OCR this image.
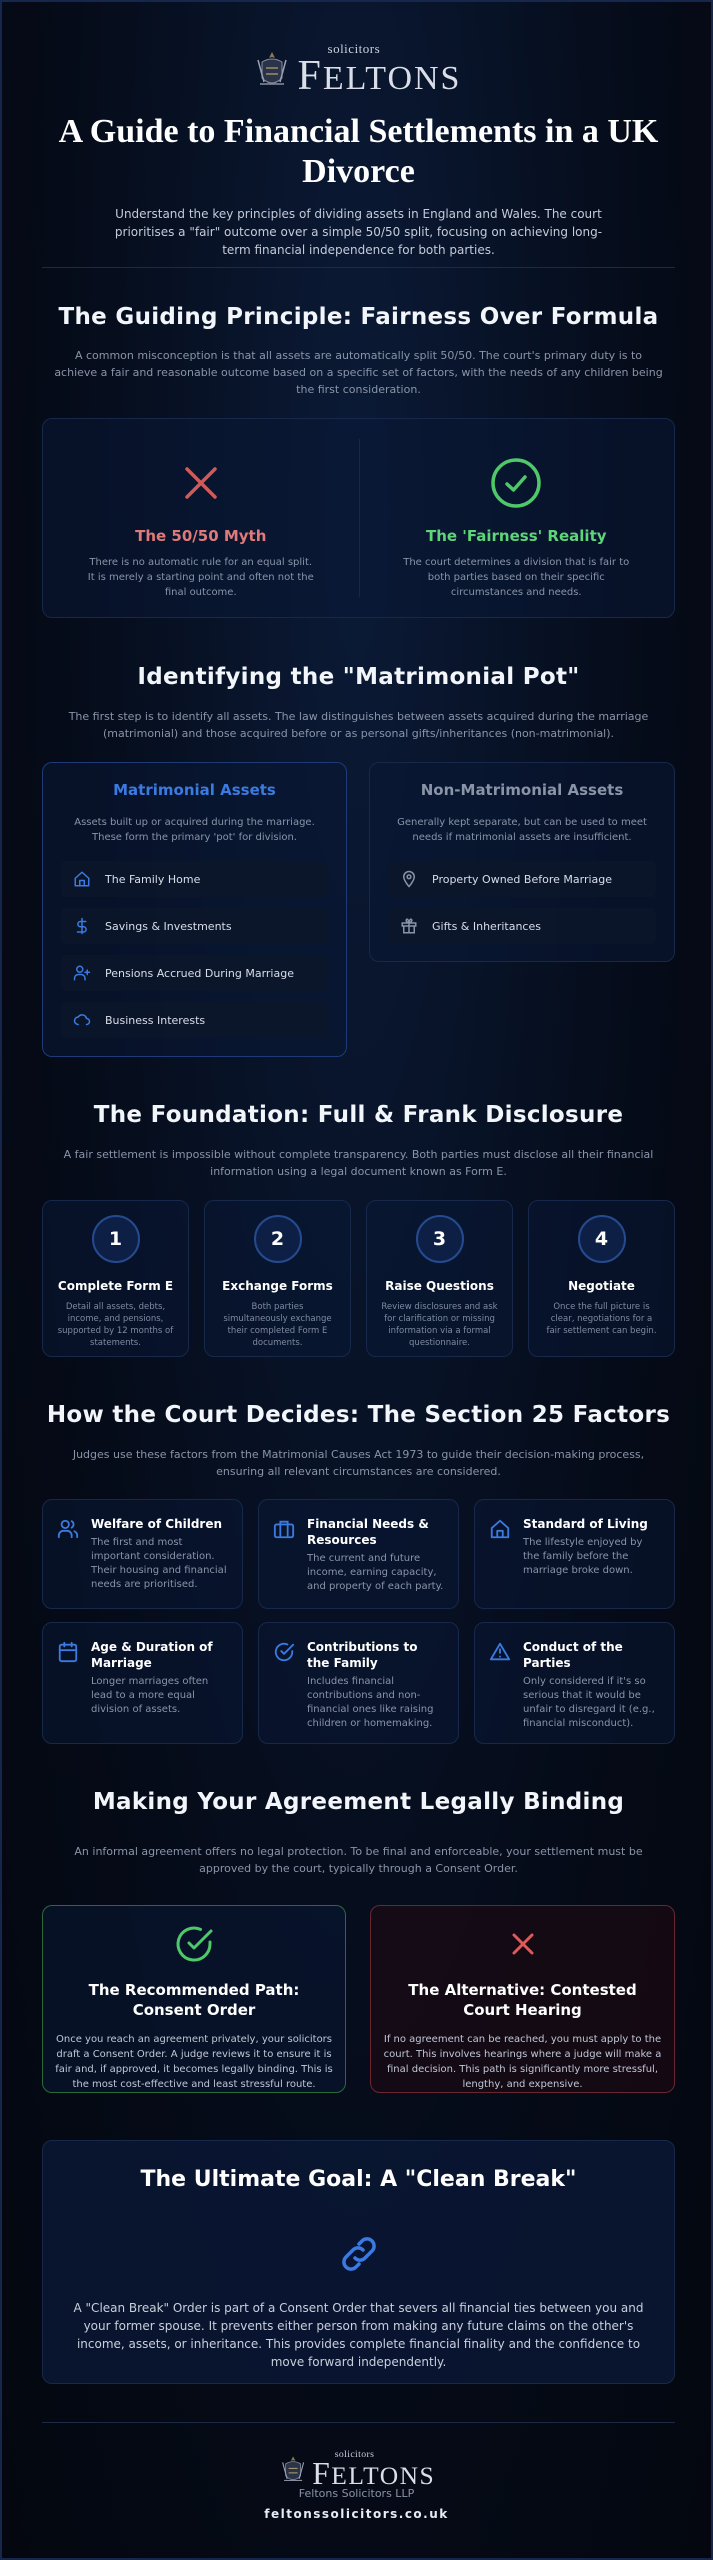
solicitors
FELTONS
A Guide to Financial Settlements in a UK Divorce

Understand the key principles of dividing assets in England and Wales. The court prioritises a "fair" outcome over a simple 50/50 split, focusing on achieving long-term financial independence for both parties.

The Guiding Principle: Fairness Over Formula

A common misconception is that all assets are automatically split 50/50. The court's primary duty is to achieve a fair and reasonable outcome based on a specific set of factors, with the needs of any children being the first consideration.

The 50/50 Myth
There is no automatic rule for an equal split. It is merely a starting point and often not the final outcome.
The 'Fairness' Reality
The court determines a division that is fair to both parties based on their specific circumstances and needs.
Identifying the "Matrimonial Pot"

The first step is to identify all assets. The law distinguishes between assets acquired during the marriage (matrimonial) and those acquired before or as personal gifts/inheritances (non-matrimonial).

Matrimonial Assets
Assets built up or acquired during the marriage. These form the primary 'pot' for division.
The Family Home
Savings & Investments
Pensions Accrued During Marriage
Business Interests
Non-Matrimonial Assets
Generally kept separate, but can be used to meet needs if matrimonial assets are insufficient.
Property Owned Before Marriage
Gifts & Inheritances
The Foundation: Full & Frank Disclosure

A fair settlement is impossible without complete transparency. Both parties must disclose all their financial information using a legal document known as Form E.

1
Complete Form E
Detail all assets, debts, income, and pensions, supported by 12 months of statements.
2
Exchange Forms
Both parties simultaneously exchange their completed Form E documents.
3
Raise Questions
Review disclosures and ask for clarification or missing information via a formal questionnaire.
4
Negotiate
Once the full picture is clear, negotiations for a fair settlement can begin.
How the Court Decides: The Section 25 Factors

Judges use these factors from the Matrimonial Causes Act 1973 to guide their decision-making process, ensuring all relevant circumstances are considered.

Welfare of Children
The first and most important consideration. Their housing and financial needs are prioritised.
Financial Needs & Resources
The current and future income, earning capacity, and property of each party.
Standard of Living
The lifestyle enjoyed by the family before the marriage broke down.
Age & Duration of Marriage
Longer marriages often lead to a more equal division of assets.
Contributions to the Family
Includes financial contributions and non-financial ones like raising children or homemaking.
Conduct of the Parties
Only considered if it's so serious that it would be unfair to disregard it (e.g., financial misconduct).
Making Your Agreement Legally Binding

An informal agreement offers no legal protection. To be final and enforceable, your settlement must be approved by the court, typically through a Consent Order.

The Recommended Path: Consent Order
Once you reach an agreement privately, your solicitors draft a Consent Order. A judge reviews it to ensure it is fair and, if approved, it becomes legally binding. This is the most cost-effective and least stressful route.
The Alternative: Contested Court Hearing
If no agreement can be reached, you must apply to the court. This involves hearings where a judge will make a final decision. This path is significantly more stressful, lengthy, and expensive.
The Ultimate Goal: A "Clean Break"
A "Clean Break" Order is part of a Consent Order that severs all financial ties between you and your former spouse. It prevents either person from making any future claims on the other's income, assets, or inheritance. This provides complete financial finality and the confidence to move forward independently.
solicitors
FELTONS
Feltons Solicitors LLP
feltonssolicitors.co.uk
